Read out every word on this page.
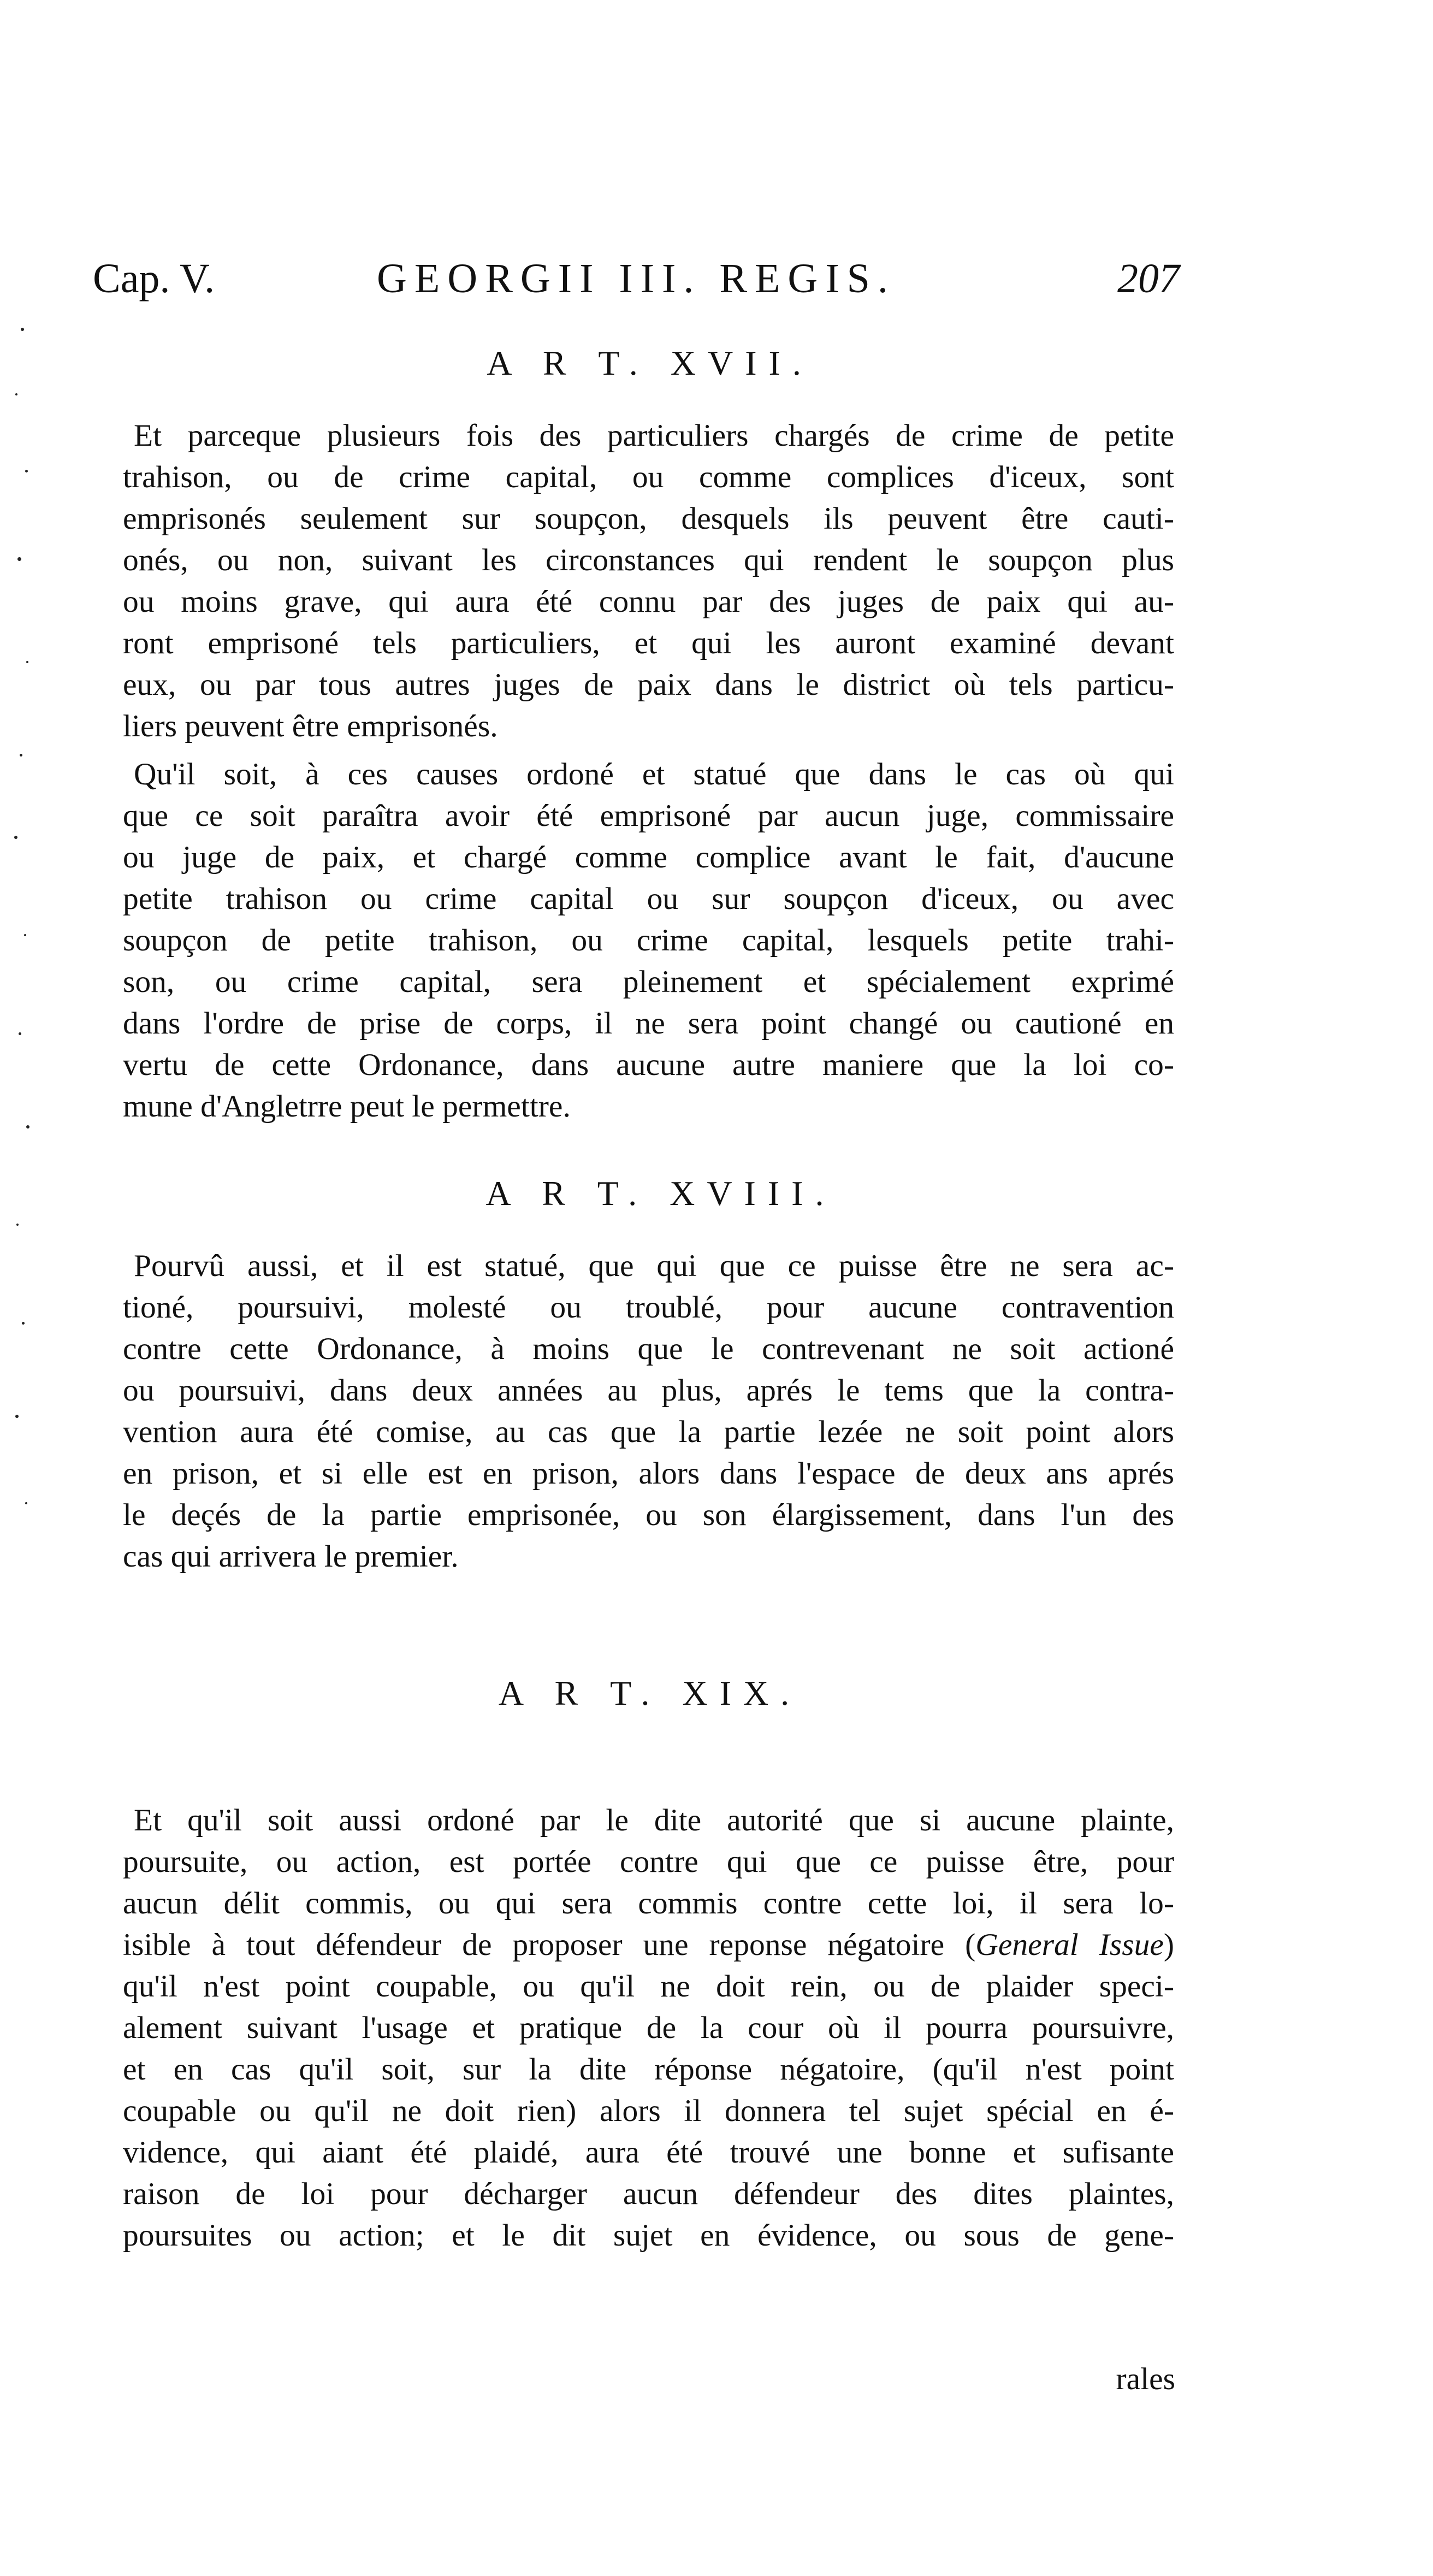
Cap. V.	GEORGII III. REGIS.	207
A R T. XVII.
Et parceque plusieurs fois des particuliers chargés de crime de petite
trahison, ou de crime capital, ou comme complices d'iceux, sont
emprisonés seulement sur soupçon, desquels ils peuvent être cauti-
onés, ou non, suivant les circonstances qui rendent le soupçon plus
ou moins grave, qui aura été connu par des juges de paix qui au-
ront emprisoné tels particuliers, et qui les auront examiné devant
eux, ou par tous autres juges de paix dans le district où tels particu-
liers peuvent être emprisonés.
Qu'il soit, à ces causes ordoné et statué que dans le cas où qui
que ce soit paraîtra avoir été emprisoné par aucun juge, commissaire
ou juge de paix, et chargé comme complice avant le fait, d'aucune
petite trahison ou crime capital ou sur soupçon d'iceux, ou avec
soupçon de petite trahison, ou crime capital, lesquels petite trahi-
son, ou crime capital, sera pleinement et spécialement exprimé
dans l'ordre de prise de corps, il ne sera point changé ou cautioné en
vertu de cette Ordonance, dans aucune autre maniere que la loi co-
mune d'Angletrre peut le permettre.
A R T. XVIII.
Pourvû aussi, et il est statué, que qui que ce puisse être ne sera ac-
tioné, poursuivi, molesté ou troublé, pour aucune contravention
contre cette Ordonance, à moins que le contrevenant ne soit actioné
ou poursuivi, dans deux années au plus, aprés le tems que la contra-
vention aura été comise, au cas que la partie lezée ne soit point alors
en prison, et si elle est en prison, alors dans l'espace de deux ans aprés
le deçés de la partie emprisonée, ou son élargissement, dans l'un des
cas qui arrivera le premier.
A R T. XIX.
Et qu'il soit aussi ordoné par le dite autorité que si aucune plainte,
poursuite, ou action, est portée contre qui que ce puisse être, pour
aucun délit commis, ou qui sera commis contre cette loi, il sera lo-
isible à tout défendeur de proposer une reponse négatoire (General Issue)
qu'il n'est point coupable, ou qu'il ne doit rein, ou de plaider speci-
alement suivant l'usage et pratique de la cour où il pourra poursuivre,
et en cas qu'il soit, sur la dite réponse négatoire, (qu'il n'est point
coupable ou qu'il ne doit rien) alors il donnera tel sujet spécial en é-
vidence, qui aiant été plaidé, aura été trouvé une bonne et sufisante
raison de loi pour décharger aucun défendeur des dites plaintes,
poursuites ou action; et le dit sujet en évidence, ou sous de gene-
rales
